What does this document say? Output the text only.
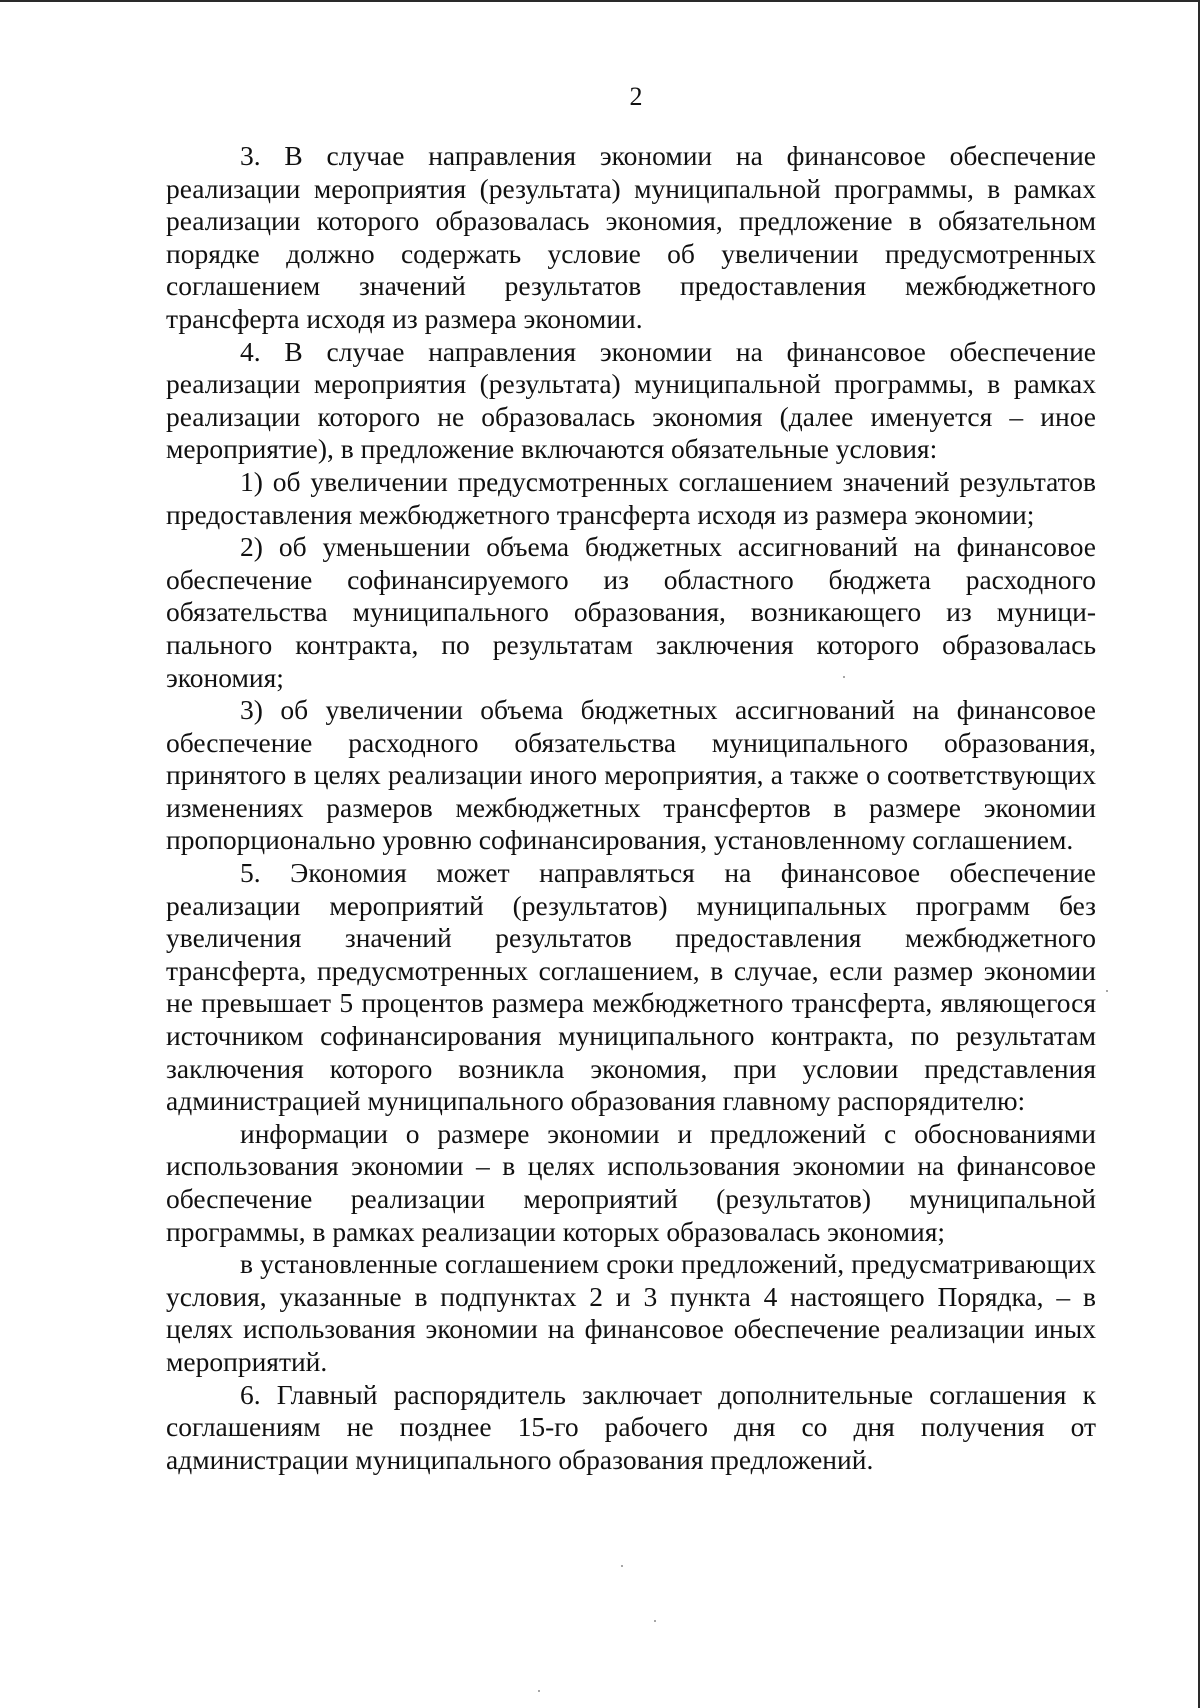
2

3. В случае направления экономии на финансовое обеспечение реализации мероприятия (результата) муниципальной программы, в рамках реализации которого образовалась экономия, предложение в обязательном порядке должно содержать условие об увеличении предусмотренных соглашением значений результатов предоставления межбюджетного трансферта исходя из размера экономии.

4. В случае направления экономии на финансовое обеспечение реализации мероприятия (результата) муниципальной программы, в рамках реализации которого не образовалась экономия (далее именуется – иное мероприятие), в предложение включаются обязательные условия:

1) об увеличении предусмотренных соглашением значений результатов предоставления межбюджетного трансферта исходя из размера экономии;

2) об уменьшении объема бюджетных ассигнований на финансовое обеспечение софинансируемого из областного бюджета расходного обязательства муниципального образования, возникающего из муниципального контракта, по результатам заключения которого образовалась экономия;

3) об увеличении объема бюджетных ассигнований на финансовое обеспечение расходного обязательства муниципального образования, принятого в целях реализации иного мероприятия, а также о соответствующих изменениях размеров межбюджетных трансфертов в размере экономии пропорционально уровню софинансирования, установленному соглашением.

5. Экономия может направляться на финансовое обеспечение реализации мероприятий (результатов) муниципальных программ без увеличения значений результатов предоставления межбюджетного трансферта, предусмотренных соглашением, в случае, если размер экономии не превышает 5 процентов размера межбюджетного трансферта, являющегося источником софинансирования муниципального контракта, по результатам заключения которого возникла экономия, при условии представления администрацией муниципального образования главному распорядителю:

информации о размере экономии и предложений с обоснованиями использования экономии – в целях использования экономии на финансовое обеспечение реализации мероприятий (результатов) муниципальной программы, в рамках реализации которых образовалась экономия;

в установленные соглашением сроки предложений, предусматривающих условия, указанные в подпунктах 2 и 3 пункта 4 настоящего Порядка, – в целях использования экономии на финансовое обеспечение реализации иных мероприятий.

6. Главный распорядитель заключает дополнительные соглашения к соглашениям не позднее 15-го рабочего дня со дня получения от администрации муниципального образования предложений.
